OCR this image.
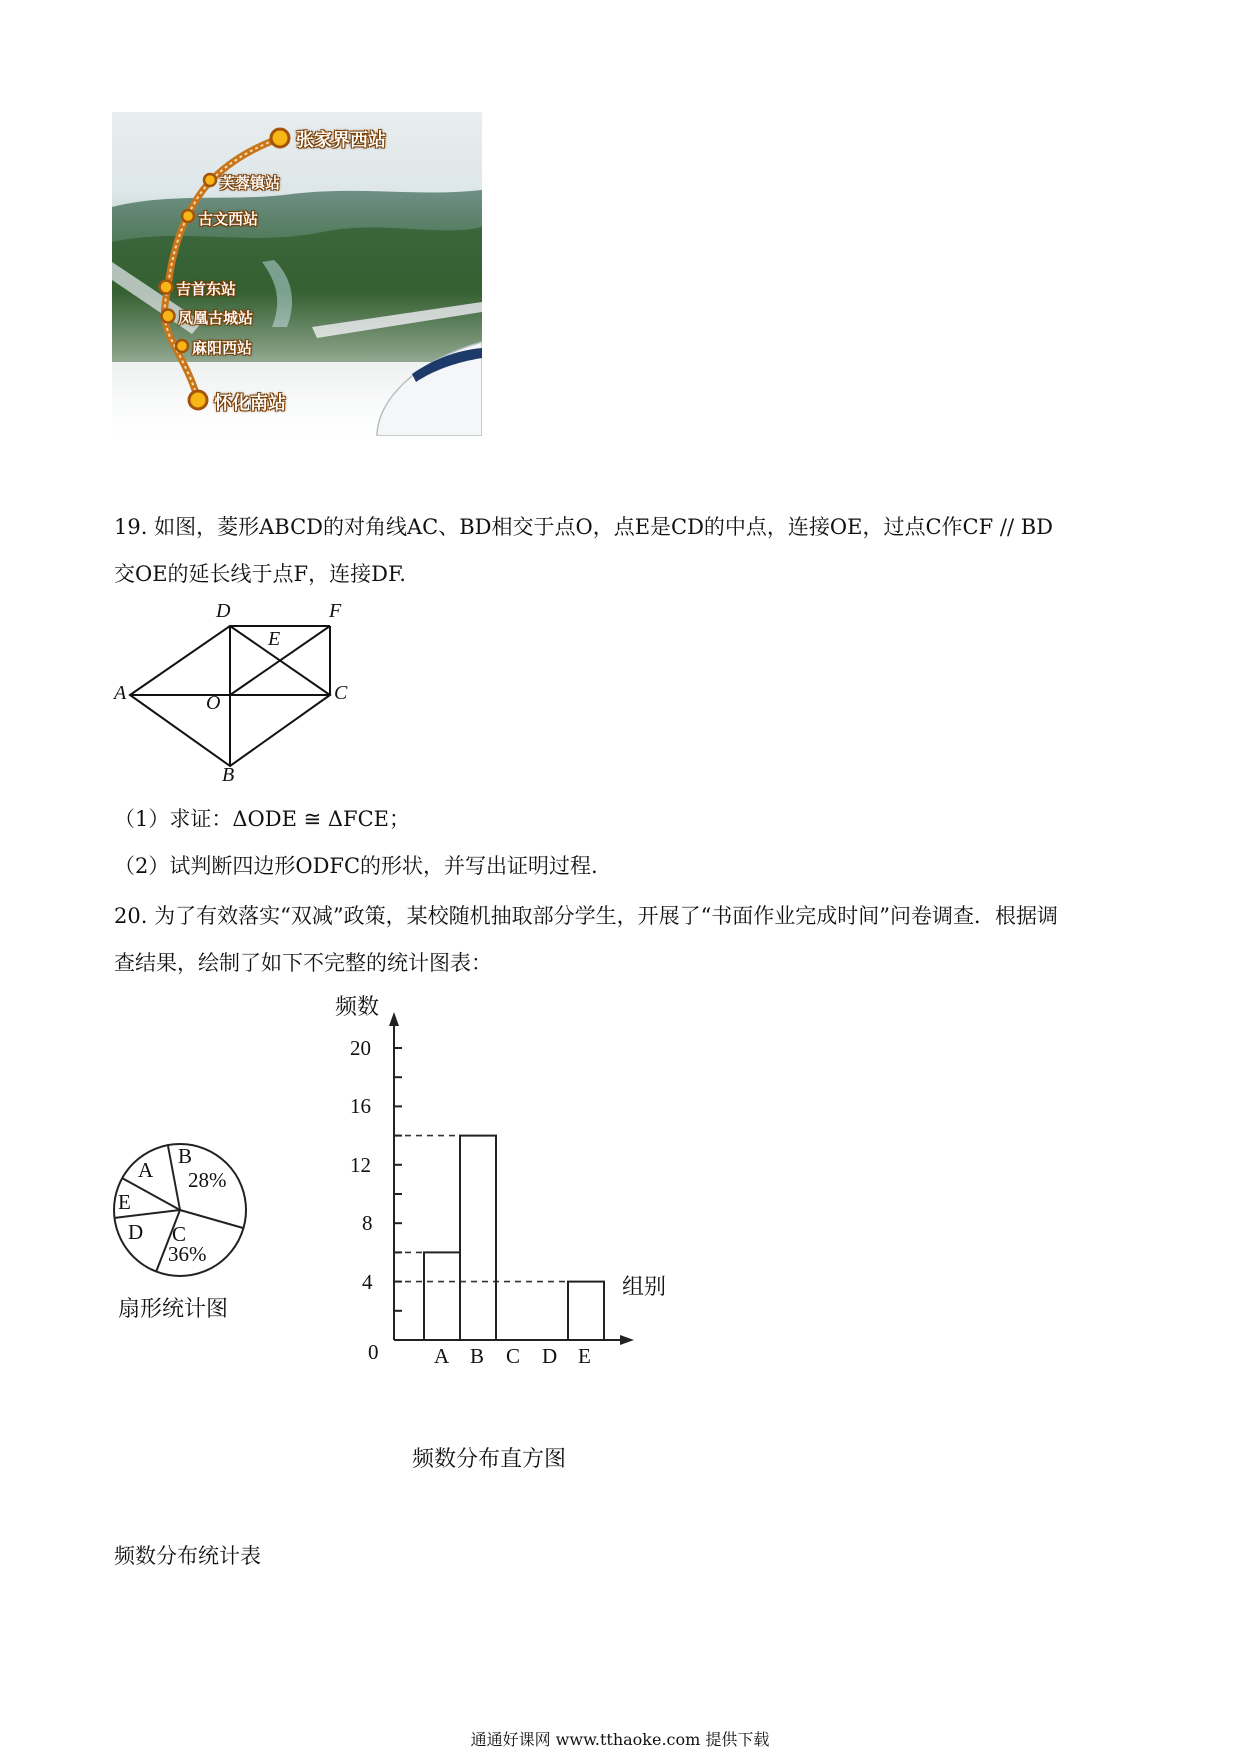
张家界西站
芙蓉镇站
古文西站
吉首东站
凤凰古城站
麻阳西站
怀化南站
19. 如图，菱形ABCD的对角线AC、BD相交于点O，点E是CD的中点，连接OE，过点C作CF // BD
交OE的延长线于点F，连接DF.
D	F
E
A	O	C
B
（1）求证：ΔODE ≅ ΔFCE；
（2）试判断四边形ODFC的形状，并写出证明过程.
20. 为了有效落实“双减”政策，某校随机抽取部分学生，开展了“书面作业完成时间”问卷调查．根据调
查结果，绘制了如下不完整的统计图表：
A
B
28%
E
D C
36%
扇形统计图
频数
组别
频数分布直方图
0
4
8
12
16
20
A B C D E
频数分布统计表
通通好课网 www.tthaoke.com 提供下载
